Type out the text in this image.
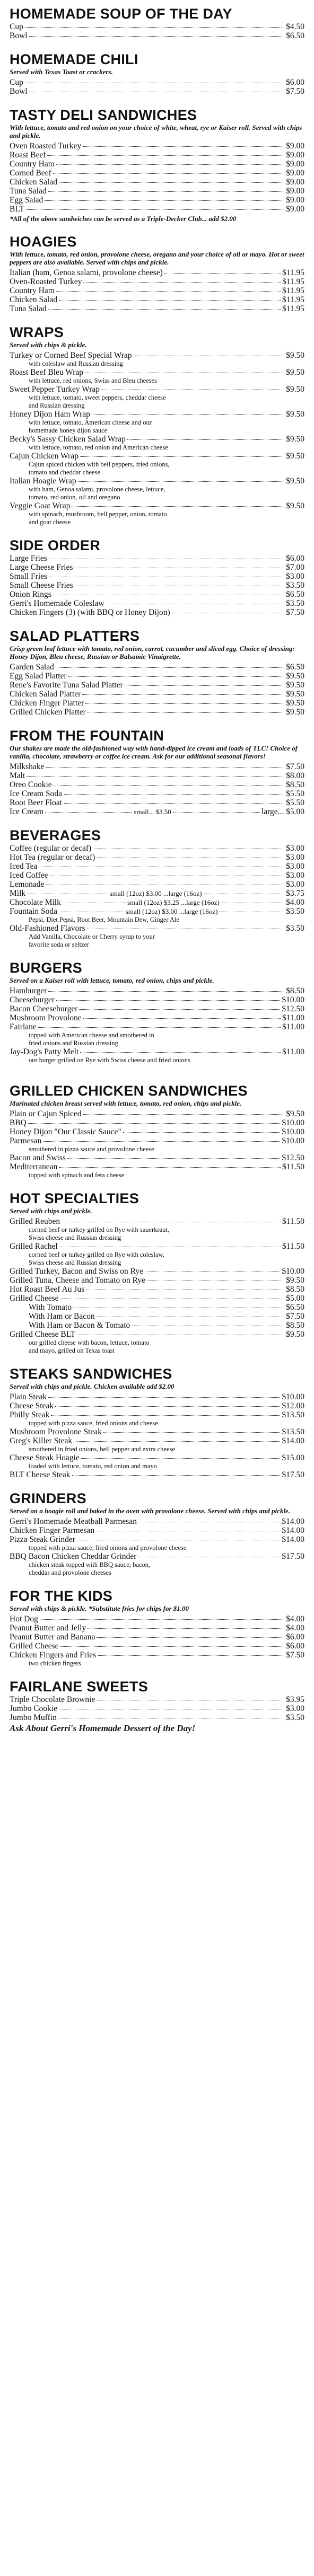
HOMEMADE SOUP OF THE DAY
Cup	$4.50
Bowl	$6.50
HOMEMADE CHILI

Served with Texas Toast or crackers.

Cup	$6.00
Bowl	$7.50
TASTY DELI SANDWICHES

With lettuce, tomato and red onion on your choice of white, wheat, rye or Kaiser roll. Served with chips and pickle.

Oven Roasted Turkey	$9.00
Roast Beef	$9.00
Country Ham	$9.00
Corned Beef	$9.00
Chicken Salad	$9.00
Tuna Salad	$9.00
Egg Salad	$9.00
BLT	$9.00

*All of the above sandwiches can be served as a Triple-Decker Club... add $2.00

HOAGIES

With lettuce, tomato, red onion, provolone cheese, oregano and your choice of oil or mayo. Hot or sweet peppers are also available. Served with chips and pickle.

Italian (ham, Genoa salami, provolone cheese)	$11.95
Oven-Roasted Turkey	$11.95
Country Ham	$11.95
Chicken Salad	$11.95
Tuna Salad	$11.95
WRAPS

Served with chips & pickle.

Turkey or Corned Beef Special Wrap	$9.50
with coleslaw and Russian dressing
Roast Beef Bleu Wrap	$9.50
with lettuce, red onions, Swiss and Bleu cheeses
Sweet Pepper Turkey Wrap	$9.50
with lettuce, tomato, sweet peppers, cheddar cheese
and Russian dressing
Honey Dijon Ham Wrap	$9.50
with lettuce, tomato, American cheese and our
homemade honey dijon sauce
Becky's Sassy Chicken Salad Wrap	$9.50
with lettuce, tomato, red onion and American cheese
Cajun Chicken Wrap	$9.50
Cajun spiced chicken with bell peppers, fried onions,
tomato and cheddar cheese
Italian Hoagie Wrap	$9.50
with ham, Genoa salami, provolone cheese, lettuce,
tomato, red onion, oil and oregano
Veggie Goat Wrap	$9.50
with spinach, mushroom, bell pepper, onion, tomato
and goat cheese
SIDE ORDER
Large Fries	$6.00
Large Cheese Fries	$7.00
Small Fries	$3.00
Small Cheese Fries	$3.50
Onion Rings	$6.50
Gerri's Homemade Coleslaw	$3.50
Chicken Fingers (3) (with BBQ or Honey Dijon)	$7.50
SALAD PLATTERS

Crisp green leaf lettuce with tomato, red onion, carrot, cucumber and sliced egg. Choice of dressing: Honey Dijon, Bleu cheese, Russian or Balsamic Vinaigrette.

Garden Salad	$6.50
Egg Salad Platter	$9.50
Rene's Favorite Tuna Salad Platter	$9.50
Chicken Salad Platter	$9.50
Chicken Finger Platter	$9.50
Grilled Chicken Platter	$9.50
FROM THE FOUNTAIN

Our shakes are made the old-fashioned way with hand-dipped ice cream and loads of TLC! Choice of vanilla, chocolate, strawberry or coffee ice cream. Ask for our additional seasonal flavors!

Milkshake	$7.50
Malt	$8.00
Oreo Cookie	$8.50
Ice Cream Soda	$5.50
Root Beer Float	$5.50
Ice Cream	small... $3.50	large... $5.00
BEVERAGES
Coffee (regular or decaf)	$3.00
Hot Tea (regular or decaf)	$3.00
Iced Tea	$3.00
Iced Coffee	$3.00
Lemonade	$3.00
Milk	small (12oz) $3.00 ...large (16oz)	$3.75
Chocolate Milk	small (12oz) $3.25 ...large (16oz)	$4.00
Fountain Soda	small (12oz) $3.00 ...large (16oz)	$3.50
Pepsi, Diet Pepsi, Root Beer, Mountain Dew, Ginger Ale
Old-Fashioned Flavors	$3.50
Add Vanilla, Chocolate or Cherry syrup to your
favorite soda or seltzer
BURGERS

Served on a Kaiser roll with lettuce, tomato, red onion, chips and pickle.

Hamburger	$8.50
Cheeseburger	$10.00
Bacon Cheeseburger	$12.50
Mushroom Provolone	$11.00
Fairlane	$11.00
topped with American cheese and smothered in
fried onions and Russian dressing
Jay-Dog's Patty Melt	$11.00
our burger grilled on Rye with Swiss cheese and fried onions
GRILLED CHICKEN SANDWICHES

Marinated chicken breast served with lettuce, tomato, red onion, chips and pickle.

Plain or Cajun Spiced	$9.50
BBQ	$10.00
Honey Dijon "Our Classic Sauce"	$10.00
Parmesan	$10.00
smothered in pizza sauce and provolone cheese
Bacon and Swiss	$12.50
Mediterranean	$11.50
topped with spinach and feta cheese
HOT SPECIALTIES

Served with chips and pickle.

Grilled Reuben	$11.50
corned beef or turkey grilled on Rye with sauerkraut,
Swiss cheese and Russian dressing
Grilled Rachel	$11.50
corned beef or turkey grilled on Rye with coleslaw,
Swiss cheese and Russian dressing
Grilled Turkey, Bacon and Swiss on Rye	$10.00
Grilled Tuna, Cheese and Tomato on Rye	$9.50
Hot Roast Beef Au Jus	$8.50
Grilled Cheese	$5.00
With Tomato	$6.50
With Ham or Bacon	$7.50
With Ham or Bacon & Tomato	$8.50
Grilled Cheese BLT	$9.50
our grilled cheese with bacon, lettuce, tomato
and mayo, grilled on Texas toast
STEAKS SANDWICHES

Served with chips and pickle. Chicken available add $2.00

Plain Steak	$10.00
Cheese Steak	$12.00
Philly Steak	$13.50
topped with pizza sauce, fried onions and cheese
Mushroom Provolone Steak	$13.50
Greg's Killer Steak	$14.00
smothered in fried onions, bell pepper and extra cheese
Cheese Steak Hoagie	$15.00
loaded with lettuce, tomato, red onion and mayo
BLT Cheese Steak	$17.50
GRINDERS

Served on a hoagie roll and baked in the oven with provolone cheese. Served with chips and pickle.

Gerri's Homemade Meatball Parmesan	$14.00
Chicken Finger Parmesan	$14.00
Pizza Steak Grinder	$14.00
topped with pizza sauce, fried onions and provolone cheese
BBQ Bacon Chicken Cheddar Grinder	$17.50
chicken steak topped with BBQ sauce, bacon,
cheddar and provolone cheeses
FOR THE KIDS

Served with chips & pickle. *Substitute fries for chips for $1.00

Hot Dog	$4.00
Peanut Butter and Jelly	$4.00
Peanut Butter and Banana	$6.00
Grilled Cheese	$6.00
Chicken Fingers and Fries	$7.50
two chicken fingers
FAIRLANE SWEETS
Triple Chocolate Brownie	$3.95
Jumbo Cookie	$3.00
Jumbo Muffin	$3.50

Ask About Gerri's Homemade Dessert of the Day!
